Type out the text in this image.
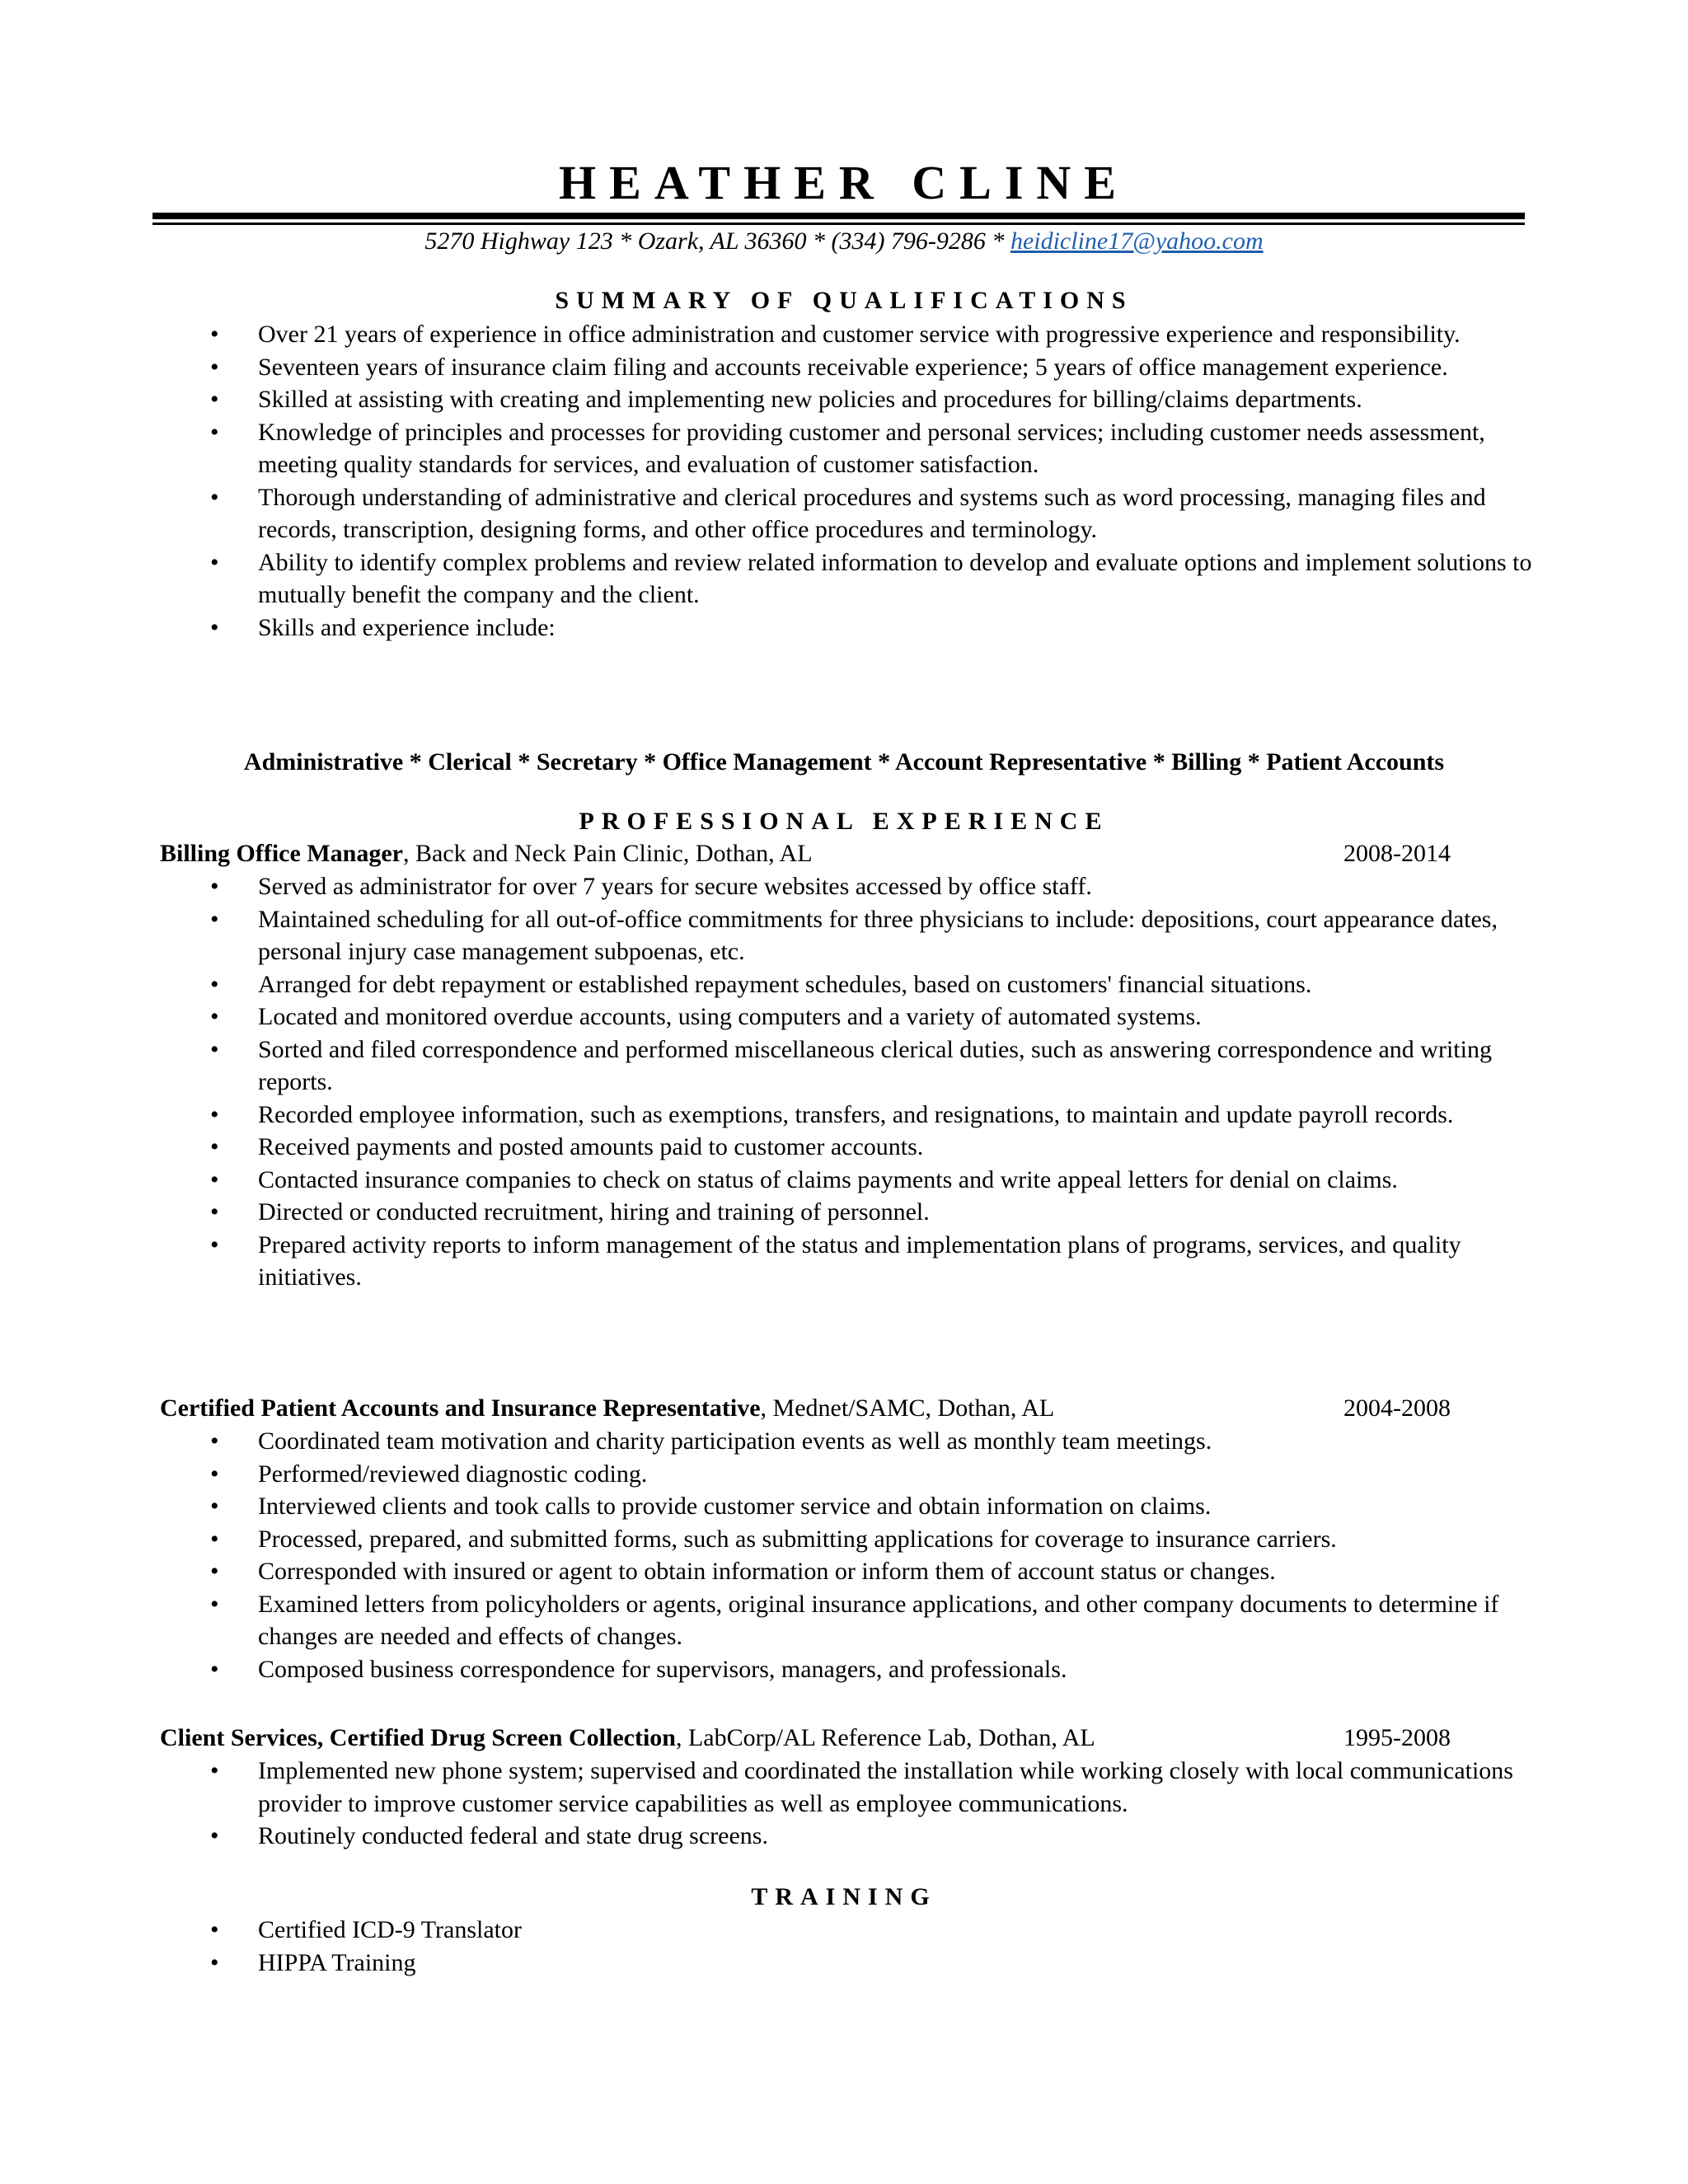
HEATHER CLINE
5270 Highway 123 * Ozark, AL 36360 * (334) 796-9286 * heidicline17@yahoo.com
SUMMARY OF QUALIFICATIONS
• Over 21 years of experience in office administration and customer service with progressive experience and responsibility.
• Seventeen years of insurance claim filing and accounts receivable experience; 5 years of office management experience.
• Skilled at assisting with creating and implementing new policies and procedures for billing/claims departments.
• Knowledge of principles and processes for providing customer and personal services; including customer needs assessment, meeting quality standards for services, and evaluation of customer satisfaction.
• Thorough understanding of administrative and clerical procedures and systems such as word processing, managing files and records, transcription, designing forms, and other office procedures and terminology.
• Ability to identify complex problems and review related information to develop and evaluate options and implement solutions to mutually benefit the company and the client.
• Skills and experience include:
Administrative * Clerical * Secretary * Office Management * Account Representative * Billing * Patient Accounts
PROFESSIONAL EXPERIENCE
Billing Office Manager, Back and Neck Pain Clinic, Dothan, AL	2008-2014
• Served as administrator for over 7 years for secure websites accessed by office staff.
• Maintained scheduling for all out-of-office commitments for three physicians to include: depositions, court appearance dates, personal injury case management subpoenas, etc.
• Arranged for debt repayment or established repayment schedules, based on customers' financial situations.
• Located and monitored overdue accounts, using computers and a variety of automated systems.
• Sorted and filed correspondence and performed miscellaneous clerical duties, such as answering correspondence and writing reports.
• Recorded employee information, such as exemptions, transfers, and resignations, to maintain and update payroll records.
• Received payments and posted amounts paid to customer accounts.
• Contacted insurance companies to check on status of claims payments and write appeal letters for denial on claims.
• Directed or conducted recruitment, hiring and training of personnel.
• Prepared activity reports to inform management of the status and implementation plans of programs, services, and quality initiatives.
Certified Patient Accounts and Insurance Representative, Mednet/SAMC, Dothan, AL	2004-2008
• Coordinated team motivation and charity participation events as well as monthly team meetings.
• Performed/reviewed diagnostic coding.
• Interviewed clients and took calls to provide customer service and obtain information on claims.
• Processed, prepared, and submitted forms, such as submitting applications for coverage to insurance carriers.
• Corresponded with insured or agent to obtain information or inform them of account status or changes.
• Examined letters from policyholders or agents, original insurance applications, and other company documents to determine if changes are needed and effects of changes.
• Composed business correspondence for supervisors, managers, and professionals.
Client Services, Certified Drug Screen Collection, LabCorp/AL Reference Lab, Dothan, AL	1995-2008
• Implemented new phone system; supervised and coordinated the installation while working closely with local communications provider to improve customer service capabilities as well as employee communications.
• Routinely conducted federal and state drug screens.
TRAINING
• Certified ICD-9 Translator
• HIPPA Training
